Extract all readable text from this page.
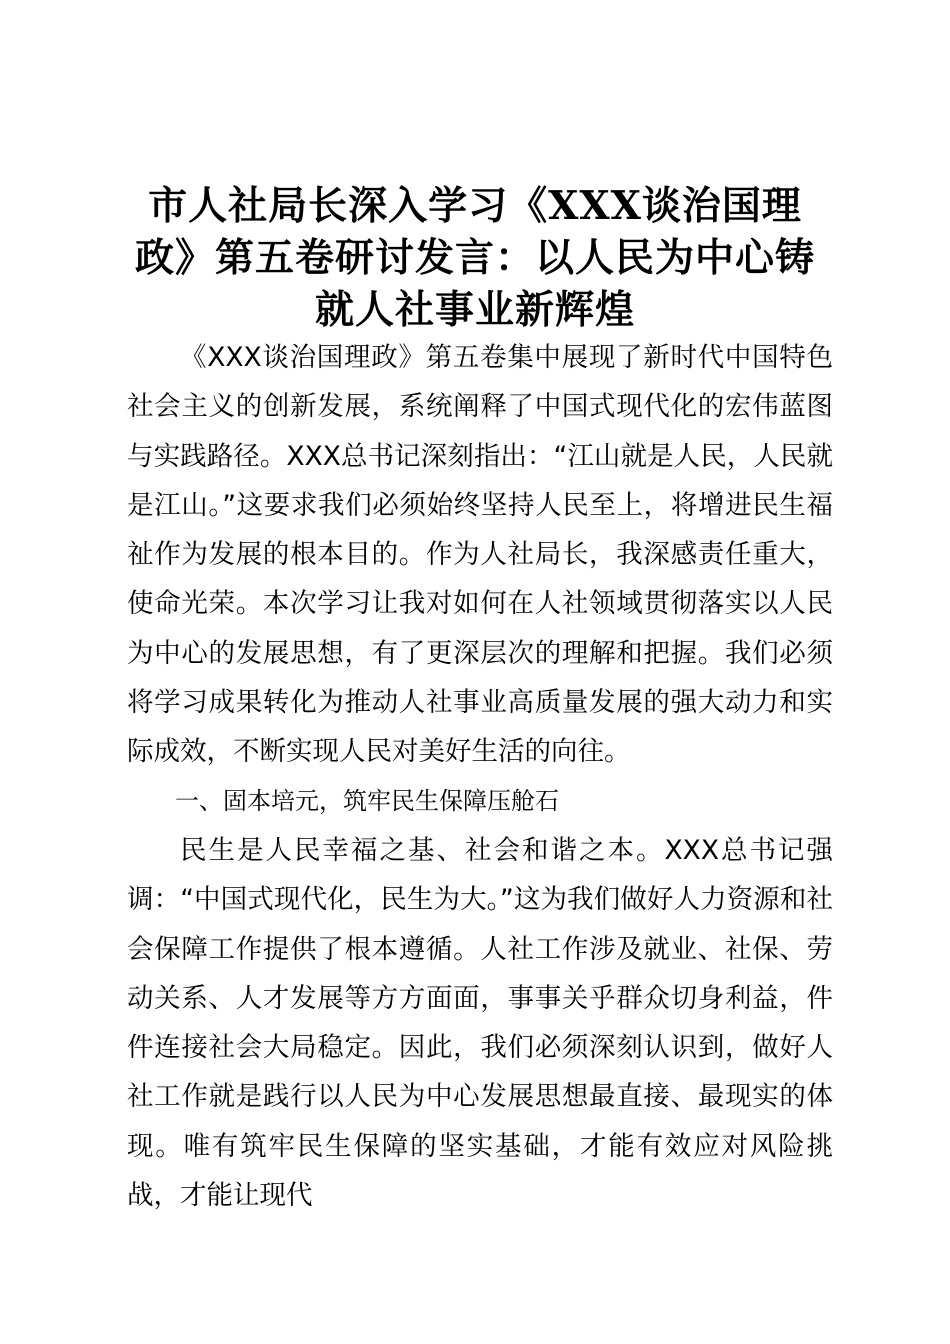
市人社局长深入学习《XXX谈治国理政》第五卷研讨发言：以人民为中心铸就人社事业新辉煌

《XXX谈治国理政》第五卷集中展现了新时代中国特色社会主义的创新发展，系统阐释了中国式现代化的宏伟蓝图与实践路径。XXX总书记深刻指出：“江山就是人民，人民就是江山。”这要求我们必须始终坚持人民至上，将增进民生福祉作为发展的根本目的。作为人社局长，我深感责任重大，使命光荣。本次学习让我对如何在人社领域贯彻落实以人民为中心的发展思想，有了更深层次的理解和把握。我们必须将学习成果转化为推动人社事业高质量发展的强大动力和实际成效，不断实现人民对美好生活的向往。

一、固本培元，筑牢民生保障压舱石

民生是人民幸福之基、社会和谐之本。XXX总书记强调：“中国式现代化，民生为大。”这为我们做好人力资源和社会保障工作提供了根本遵循。人社工作涉及就业、社保、劳动关系、人才发展等方方面面，事事关乎群众切身利益，件件连接社会大局稳定。因此，我们必须深刻认识到，做好人社工作就是践行以人民为中心发展思想最直接、最现实的体现。唯有筑牢民生保障的坚实基础，才能有效应对风险挑战，才能让现代
